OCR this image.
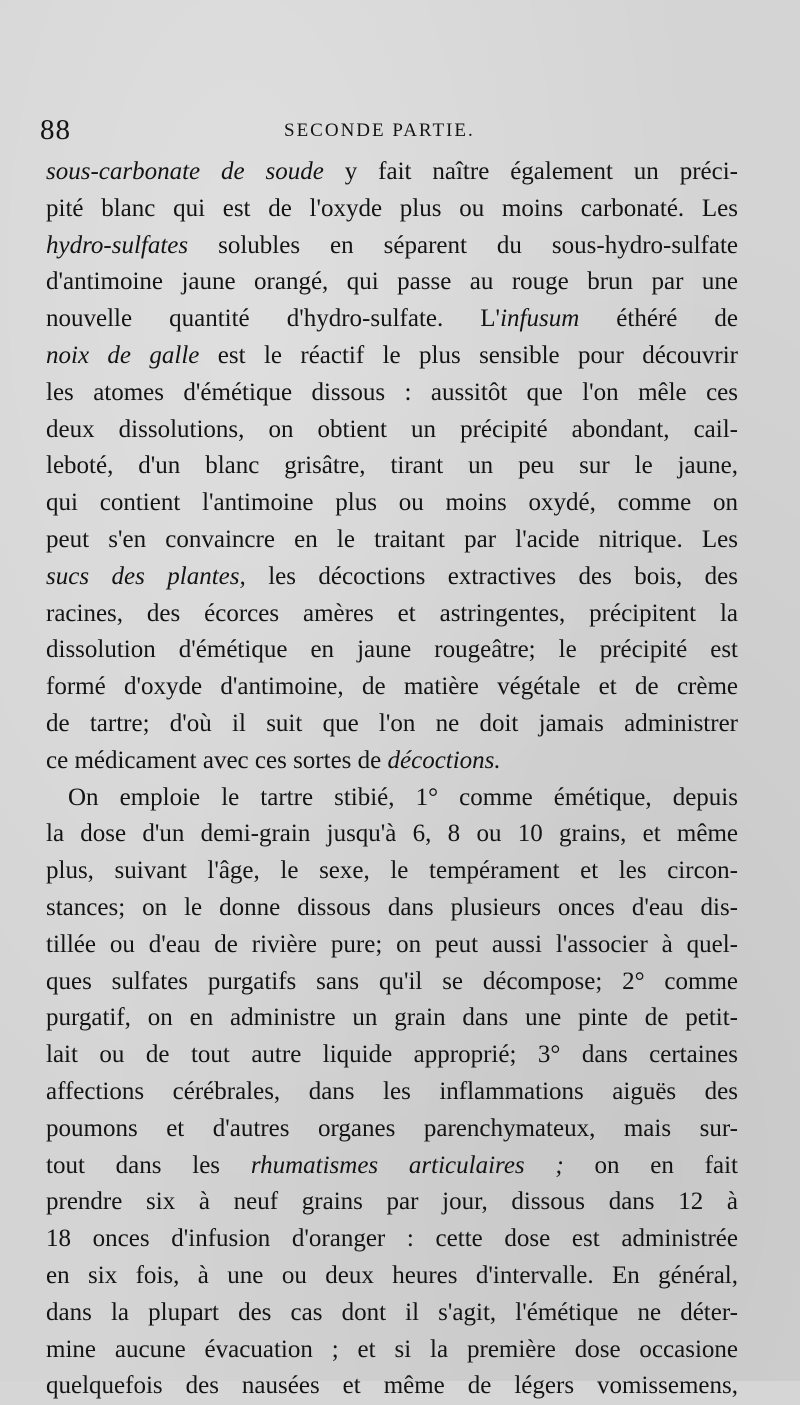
88	SECONDE PARTIE.
sous-carbonate de soude y fait naître également un préci-
pité blanc qui est de l'oxyde plus ou moins carbonaté. Les
hydro-sulfates solubles en séparent du sous-hydro-sulfate
d'antimoine jaune orangé, qui passe au rouge brun par une
nouvelle quantité d'hydro-sulfate. L'infusum éthéré de
noix de galle est le réactif le plus sensible pour découvrir
les atomes d'émétique dissous : aussitôt que l'on mêle ces
deux dissolutions, on obtient un précipité abondant, cail-
leboté, d'un blanc grisâtre, tirant un peu sur le jaune,
qui contient l'antimoine plus ou moins oxydé, comme on
peut s'en convaincre en le traitant par l'acide nitrique. Les
sucs des plantes, les décoctions extractives des bois, des
racines, des écorces amères et astringentes, précipitent la
dissolution d'émétique en jaune rougeâtre; le précipité est
formé d'oxyde d'antimoine, de matière végétale et de crème
de tartre; d'où il suit que l'on ne doit jamais administrer
ce médicament avec ces sortes de décoctions.
On emploie le tartre stibié, 1° comme émétique, depuis
la dose d'un demi-grain jusqu'à 6, 8 ou 10 grains, et même
plus, suivant l'âge, le sexe, le tempérament et les circon-
stances; on le donne dissous dans plusieurs onces d'eau dis-
tillée ou d'eau de rivière pure; on peut aussi l'associer à quel-
ques sulfates purgatifs sans qu'il se décompose; 2° comme
purgatif, on en administre un grain dans une pinte de petit-
lait ou de tout autre liquide approprié; 3° dans certaines
affections cérébrales, dans les inflammations aiguës des
poumons et d'autres organes parenchymateux, mais sur-
tout dans les rhumatismes articulaires ; on en fait
prendre six à neuf grains par jour, dissous dans 12 à
18 onces d'infusion d'oranger : cette dose est administrée
en six fois, à une ou deux heures d'intervalle. En général,
dans la plupart des cas dont il s'agit, l'émétique ne déter-
mine aucune évacuation ; et si la première dose occasione
quelquefois des nausées et même de légers vomissemens,
